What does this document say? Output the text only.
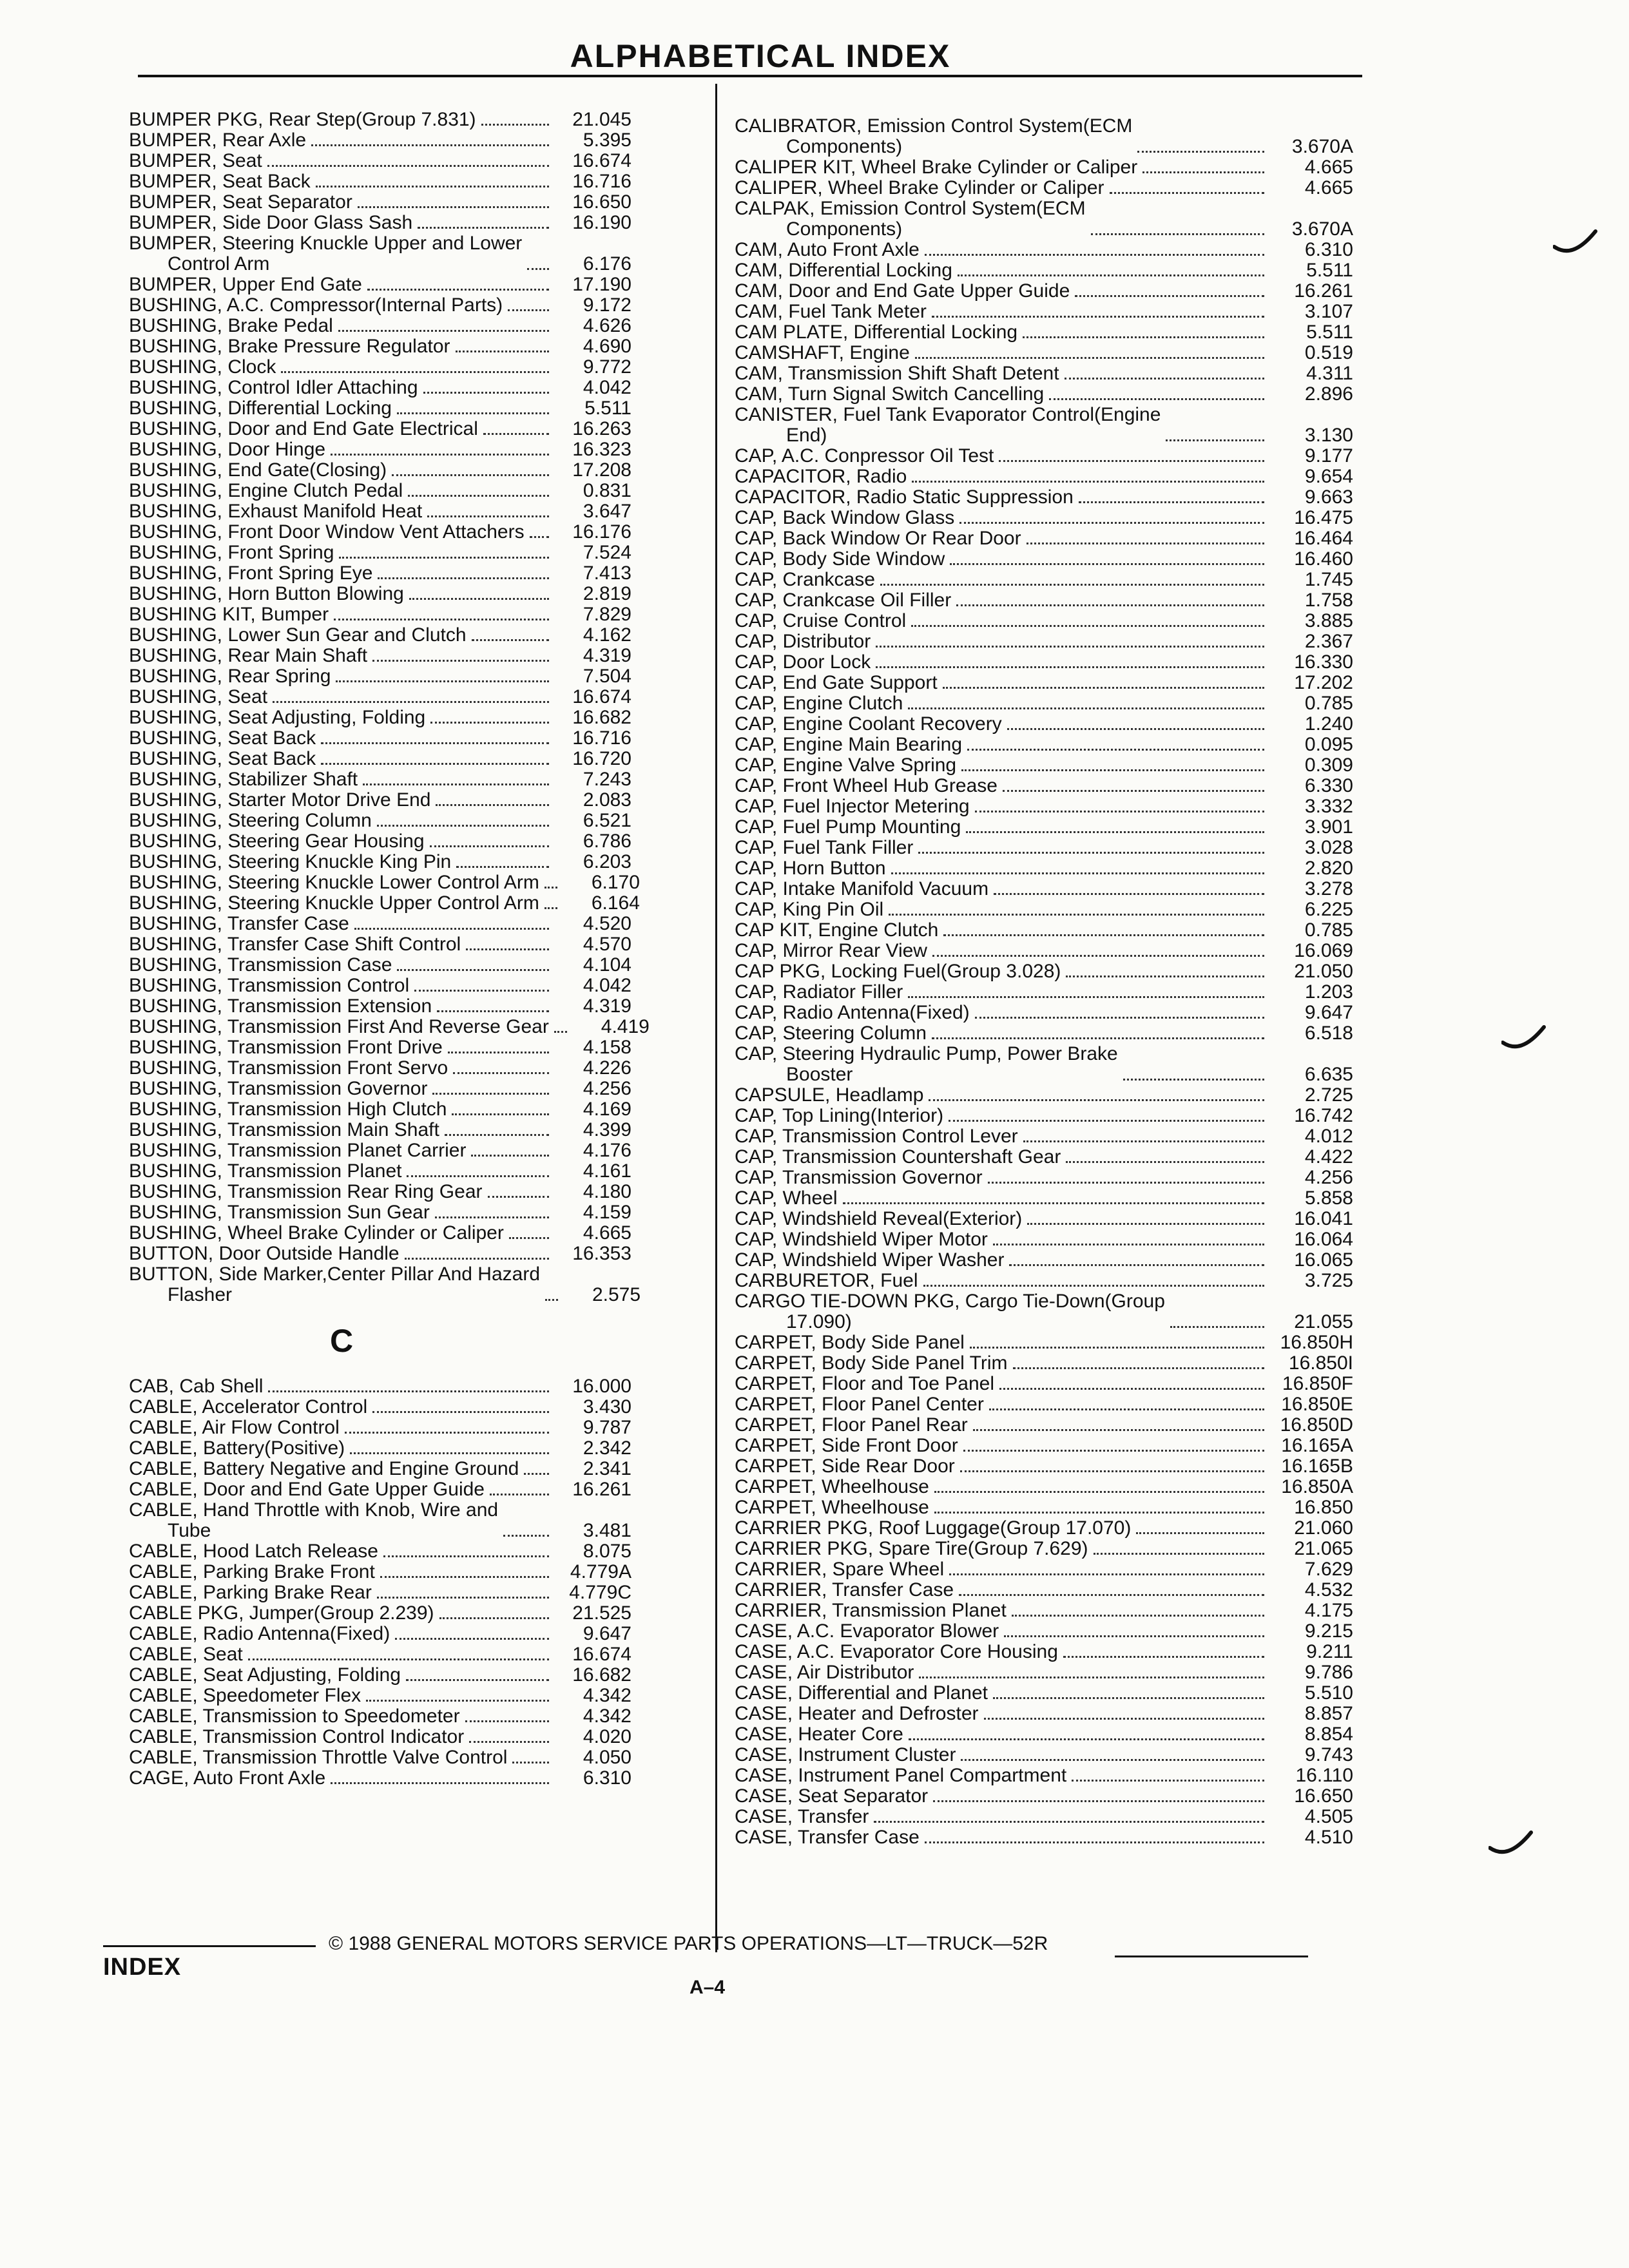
ALPHABETICAL INDEX
BUMPER PKG, Rear Step(Group 7.831)	21.045
BUMPER, Rear Axle	5.395
BUMPER, Seat	16.674
BUMPER, Seat Back	16.716
BUMPER, Seat Separator	16.650
BUMPER, Side Door Glass Sash	16.190
BUMPER, Steering Knuckle Upper and Lower
Control Arm	6.176
BUMPER, Upper End Gate	17.190
BUSHING, A.C. Compressor(Internal Parts)	9.172
BUSHING, Brake Pedal	4.626
BUSHING, Brake Pressure Regulator	4.690
BUSHING, Clock	9.772
BUSHING, Control Idler Attaching	4.042
BUSHING, Differential Locking	5.511
BUSHING, Door and End Gate Electrical	16.263
BUSHING, Door Hinge	16.323
BUSHING, End Gate(Closing)	17.208
BUSHING, Engine Clutch Pedal	0.831
BUSHING, Exhaust Manifold Heat	3.647
BUSHING, Front Door Window Vent Attachers	16.176
BUSHING, Front Spring	7.524
BUSHING, Front Spring Eye	7.413
BUSHING, Horn Button Blowing	2.819
BUSHING KIT, Bumper	7.829
BUSHING, Lower Sun Gear and Clutch	4.162
BUSHING, Rear Main Shaft	4.319
BUSHING, Rear Spring	7.504
BUSHING, Seat	16.674
BUSHING, Seat Adjusting, Folding	16.682
BUSHING, Seat Back	16.716
BUSHING, Seat Back	16.720
BUSHING, Stabilizer Shaft	7.243
BUSHING, Starter Motor Drive End	2.083
BUSHING, Steering Column	6.521
BUSHING, Steering Gear Housing	6.786
BUSHING, Steering Knuckle King Pin	6.203
BUSHING, Steering Knuckle Lower Control Arm	6.170
BUSHING, Steering Knuckle Upper Control Arm	6.164
BUSHING, Transfer Case	4.520
BUSHING, Transfer Case Shift Control	4.570
BUSHING, Transmission Case	4.104
BUSHING, Transmission Control	4.042
BUSHING, Transmission Extension	4.319
BUSHING, Transmission First And Reverse Gear	4.419
BUSHING, Transmission Front Drive	4.158
BUSHING, Transmission Front Servo	4.226
BUSHING, Transmission Governor	4.256
BUSHING, Transmission High Clutch	4.169
BUSHING, Transmission Main Shaft	4.399
BUSHING, Transmission Planet Carrier	4.176
BUSHING, Transmission Planet	4.161
BUSHING, Transmission Rear Ring Gear	4.180
BUSHING, Transmission Sun Gear	4.159
BUSHING, Wheel Brake Cylinder or Caliper	4.665
BUTTON, Door Outside Handle	16.353
BUTTON, Side Marker,Center Pillar And Hazard
Flasher	2.575
C
CAB, Cab Shell	16.000
CABLE, Accelerator Control	3.430
CABLE, Air Flow Control	9.787
CABLE, Battery(Positive)	2.342
CABLE, Battery Negative and Engine Ground	2.341
CABLE, Door and End Gate Upper Guide	16.261
CABLE, Hand Throttle with Knob, Wire and
Tube	3.481
CABLE, Hood Latch Release	8.075
CABLE, Parking Brake Front	4.779A
CABLE, Parking Brake Rear	4.779C
CABLE PKG, Jumper(Group 2.239)	21.525
CABLE, Radio Antenna(Fixed)	9.647
CABLE, Seat	16.674
CABLE, Seat Adjusting, Folding	16.682
CABLE, Speedometer Flex	4.342
CABLE, Transmission to Speedometer	4.342
CABLE, Transmission Control Indicator	4.020
CABLE, Transmission Throttle Valve Control	4.050
CAGE, Auto Front Axle	6.310
CALIBRATOR, Emission Control System(ECM
Components)	3.670A
CALIPER KIT, Wheel Brake Cylinder or Caliper	4.665
CALIPER, Wheel Brake Cylinder or Caliper	4.665
CALPAK, Emission Control System(ECM
Components)	3.670A
CAM, Auto Front Axle	6.310
CAM, Differential Locking	5.511
CAM, Door and End Gate Upper Guide	16.261
CAM, Fuel Tank Meter	3.107
CAM PLATE, Differential Locking	5.511
CAMSHAFT, Engine	0.519
CAM, Transmission Shift Shaft Detent	4.311
CAM, Turn Signal Switch Cancelling	2.896
CANISTER, Fuel Tank Evaporator Control(Engine
End)	3.130
CAP, A.C. Conpressor Oil Test	9.177
CAPACITOR, Radio	9.654
CAPACITOR, Radio Static Suppression	9.663
CAP, Back Window Glass	16.475
CAP, Back Window Or Rear Door	16.464
CAP, Body Side Window	16.460
CAP, Crankcase	1.745
CAP, Crankcase Oil Filler	1.758
CAP, Cruise Control	3.885
CAP, Distributor	2.367
CAP, Door Lock	16.330
CAP, End Gate Support	17.202
CAP, Engine Clutch	0.785
CAP, Engine Coolant Recovery	1.240
CAP, Engine Main Bearing	0.095
CAP, Engine Valve Spring	0.309
CAP, Front Wheel Hub Grease	6.330
CAP, Fuel Injector Metering	3.332
CAP, Fuel Pump Mounting	3.901
CAP, Fuel Tank Filler	3.028
CAP, Horn Button	2.820
CAP, Intake Manifold Vacuum	3.278
CAP, King Pin Oil	6.225
CAP KIT, Engine Clutch	0.785
CAP, Mirror Rear View	16.069
CAP PKG, Locking Fuel(Group 3.028)	21.050
CAP, Radiator Filler	1.203
CAP, Radio Antenna(Fixed)	9.647
CAP, Steering Column	6.518
CAP, Steering Hydraulic Pump, Power Brake
Booster	6.635
CAPSULE, Headlamp	2.725
CAP, Top Lining(Interior)	16.742
CAP, Transmission Control Lever	4.012
CAP, Transmission Countershaft Gear	4.422
CAP, Transmission Governor	4.256
CAP, Wheel	5.858
CAP, Windshield Reveal(Exterior)	16.041
CAP, Windshield Wiper Motor	16.064
CAP, Windshield Wiper Washer	16.065
CARBURETOR, Fuel	3.725
CARGO TIE-DOWN PKG, Cargo Tie-Down(Group
17.090)	21.055
CARPET, Body Side Panel	16.850H
CARPET, Body Side Panel Trim	16.850I
CARPET, Floor and Toe Panel	16.850F
CARPET, Floor Panel Center	16.850E
CARPET, Floor Panel Rear	16.850D
CARPET, Side Front Door	16.165A
CARPET, Side Rear Door	16.165B
CARPET, Wheelhouse	16.850A
CARPET, Wheelhouse	16.850
CARRIER PKG, Roof Luggage(Group 17.070)	21.060
CARRIER PKG, Spare Tire(Group 7.629)	21.065
CARRIER, Spare Wheel	7.629
CARRIER, Transfer Case	4.532
CARRIER, Transmission Planet	4.175
CASE, A.C. Evaporator Blower	9.215
CASE, A.C. Evaporator Core Housing	9.211
CASE, Air Distributor	9.786
CASE, Differential and Planet	5.510
CASE, Heater and Defroster	8.857
CASE, Heater Core	8.854
CASE, Instrument Cluster	9.743
CASE, Instrument Panel Compartment	16.110
CASE, Seat Separator	16.650
CASE, Transfer	4.505
CASE, Transfer Case	4.510
© 1988 GENERAL MOTORS SERVICE PARTS OPERATIONS—LT—TRUCK—52R
INDEX
A–4
